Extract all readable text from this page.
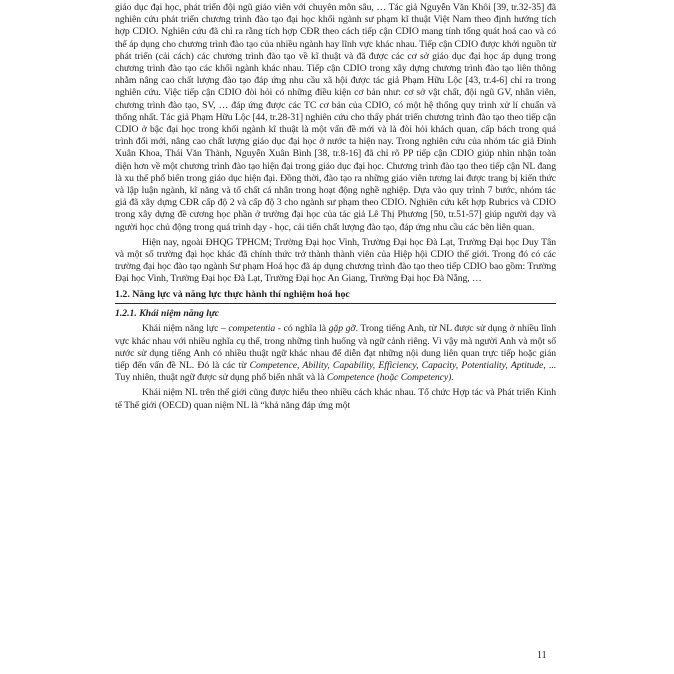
giáo dục đại học, phát triển đội ngũ giáo viên với chuyên môn sâu, … Tác giả Nguyễn Văn Khôi [39, tr.32-35] đã nghiên cứu phát triển chương trình đào tạo đại học khối ngành sư phạm kĩ thuật Việt Nam theo định hướng tích hợp CDIO. Nghiên cứu đã chỉ ra rằng tích hợp CĐR theo cách tiếp cận CDIO mang tính tổng quát hoá cao và có thể áp dụng cho chương trình đào tạo của nhiều ngành hay lĩnh vực khác nhau. Tiếp cận CDIO được khởi nguồn từ phát triển (cải cách) các chương trình đào tạo về kĩ thuật và đã được các cơ sở giáo dục đại học áp dụng trong chương trình đào tạo các khối ngành khác nhau. Tiếp cận CDIO trong xây dựng chương trình đào tạo liên thông nhằm nâng cao chất lượng đào tạo đáp ứng nhu cầu xã hội được tác giả Phạm Hữu Lộc [43, tr.4-6] chỉ ra trong nghiên cứu. Việc tiếp cận CDIO đòi hỏi có những điều kiện cơ bản như: cơ sở vật chất, đội ngũ GV, nhân viên, chương trình đào tạo, SV, … đáp ứng được các TC cơ bản của CDIO, có một hệ thống quy trình xử lí chuẩn và thống nhất. Tác giả Phạm Hữu Lộc [44, tr.28-31] nghiên cứu cho thấy phát triển chương trình đào tạo theo tiếp cận CDIO ở bậc đại học trong khối ngành kĩ thuật là một vấn đề mới và là đòi hỏi khách quan, cấp bách trong quá trình đổi mới, nâng cao chất lượng giáo dục đại học ở nước ta hiện nay. Trong nghiên cứu của nhóm tác giả Đinh Xuân Khoa, Thái Văn Thành, Nguyễn Xuân Bình [38, tr.8-16] đã chỉ rõ PP tiếp cận CDIO giúp nhìn nhận toàn diện hơn về một chương trình đào tạo hiện đại trong giáo dục đại học. Chương trình đào tạo theo tiếp cận NL đang là xu thế phổ biến trong giáo dục hiện đại. Đồng thời, đào tạo ra những giáo viên tương lai được trang bị kiến thức và lập luận ngành, kĩ năng và tố chất cá nhân trong hoạt động nghề nghiệp. Dựa vào quy trình 7 bước, nhóm tác giả đã xây dựng CĐR cấp độ 2 và cấp độ 3 cho ngành sư phạm theo CDIO. Nghiên cứu kết hợp Rubrics và CDIO trong xây dựng đề cương học phần ở trường đại học của tác giả Lê Thị Phương [50, tr.51-57] giúp người dạy và người học chủ động trong quá trình dạy - học, cải tiến chất lượng đào tạo, đáp ứng nhu cầu các bên liên quan.

Hiện nay, ngoài ĐHQG TPHCM; Trường Đại học Vinh, Trường Đại học Đà Lạt, Trường Đại học Duy Tân và một số trường đại học khác đã chính thức trở thành thành viên của Hiệp hội CDIO thế giới. Trong đó có các trường đại học đào tạo ngành Sư phạm Hoá học đã áp dụng chương trình đào tạo theo tiếp CDIO bao gồm: Trường Đại học Vinh, Trường Đại học Đà Lạt, Trường Đại học An Giang, Trường Đại học Đà Nẵng, …

1.2. Năng lực và năng lực thực hành thí nghiệm hoá học
1.2.1. Khái niệm năng lực

Khái niệm năng lực – competentia - có nghĩa là gặp gỡ. Trong tiếng Anh, từ NL được sử dụng ở nhiều lĩnh vực khác nhau với nhiều nghĩa cụ thể, trong những tình huống và ngữ cảnh riêng. Vì vậy mà người Anh và một số nước sử dụng tiếng Anh có nhiều thuật ngữ khác nhau để diễn đạt những nội dung liên quan trực tiếp hoặc gián tiếp đến vấn đề NL. Đó là các từ Competence, Ability, Capability, Efficiency, Capacity, Potentiality, Aptitude, ... Tuy nhiên, thuật ngữ được sử dụng phổ biến nhất và là Competence (hoặc Competency).

Khái niệm NL trên thế giới cũng được hiểu theo nhiều cách khác nhau. Tổ chức Hợp tác và Phát triển Kinh tế Thế giới (OECD) quan niệm NL là “khả năng đáp ứng một

11
